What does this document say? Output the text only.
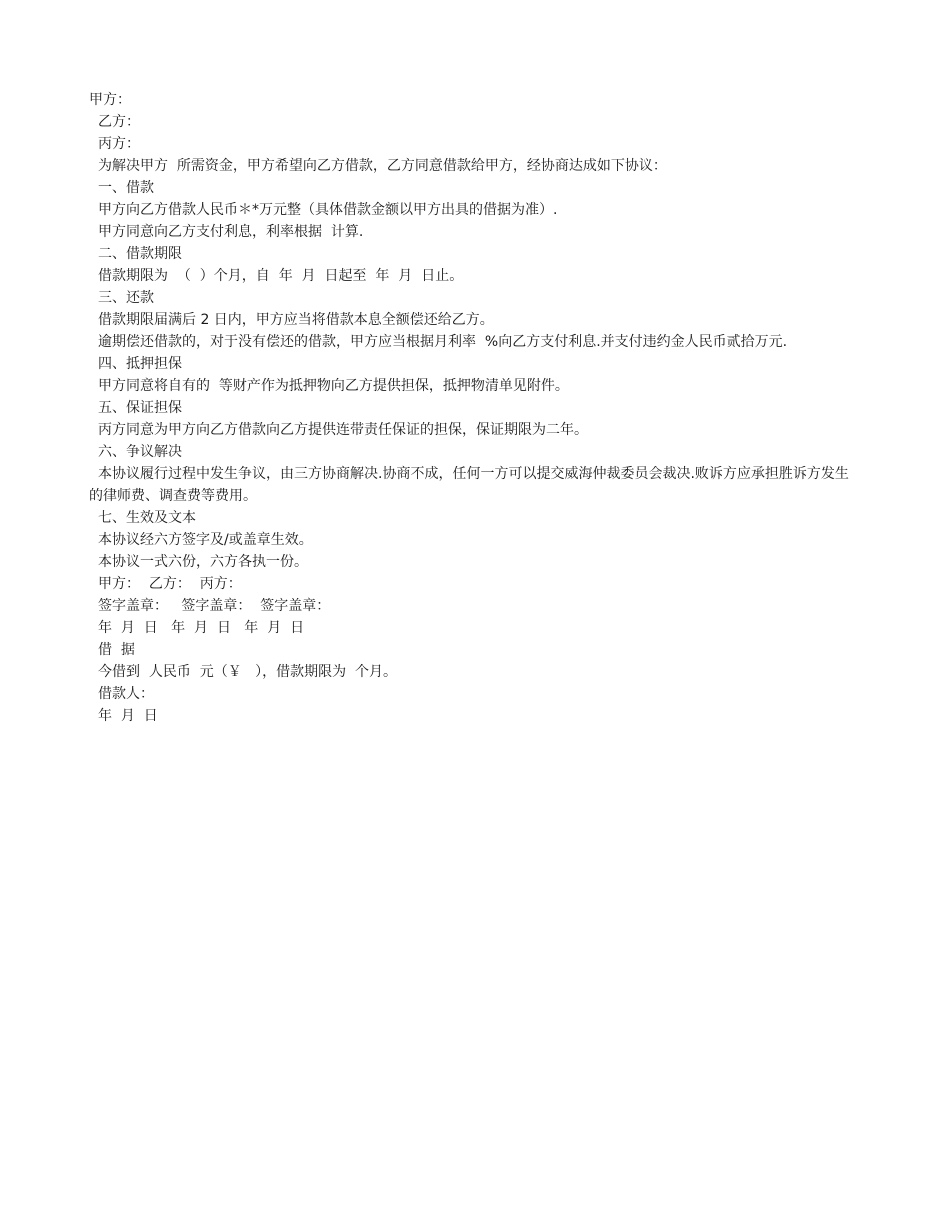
甲方：

乙方：

丙方：

为解决甲方  所需资金，甲方希望向乙方借款，乙方同意借款给甲方，经协商达成如下协议：

一、借款

甲方向乙方借款人民币＊*万元整（具体借款金额以甲方出具的借据为准）.

甲方同意向乙方支付利息，利率根据  计算.

二、借款期限

借款期限为  （  ）个月，自  年  月  日起至  年  月  日止。

三、还款

借款期限届满后 2 日内，甲方应当将借款本息全额偿还给乙方。

逾期偿还借款的，对于没有偿还的借款，甲方应当根据月利率  %向乙方支付利息.并支付违约金人民币贰拾万元.

四、抵押担保

甲方同意将自有的  等财产作为抵押物向乙方提供担保，抵押物清单见附件。

五、保证担保

丙方同意为甲方向乙方借款向乙方提供连带责任保证的担保，保证期限为二年。

六、争议解决

本协议履行过程中发生争议，由三方协商解决.协商不成，任何一方可以提交威海仲裁委员会裁决.败诉方应承担胜诉方发生的律师费、调查费等费用。

七、生效及文本

本协议经六方签字及/或盖章生效。

本协议一式六份，六方各执一份。

甲方：  乙方：  丙方：

签字盖章：   签字盖章：  签字盖章：

年  月  日   年  月  日   年  月  日

借  据

今借到  人民币  元（￥   ），借款期限为  个月。

借款人：

年  月  日
